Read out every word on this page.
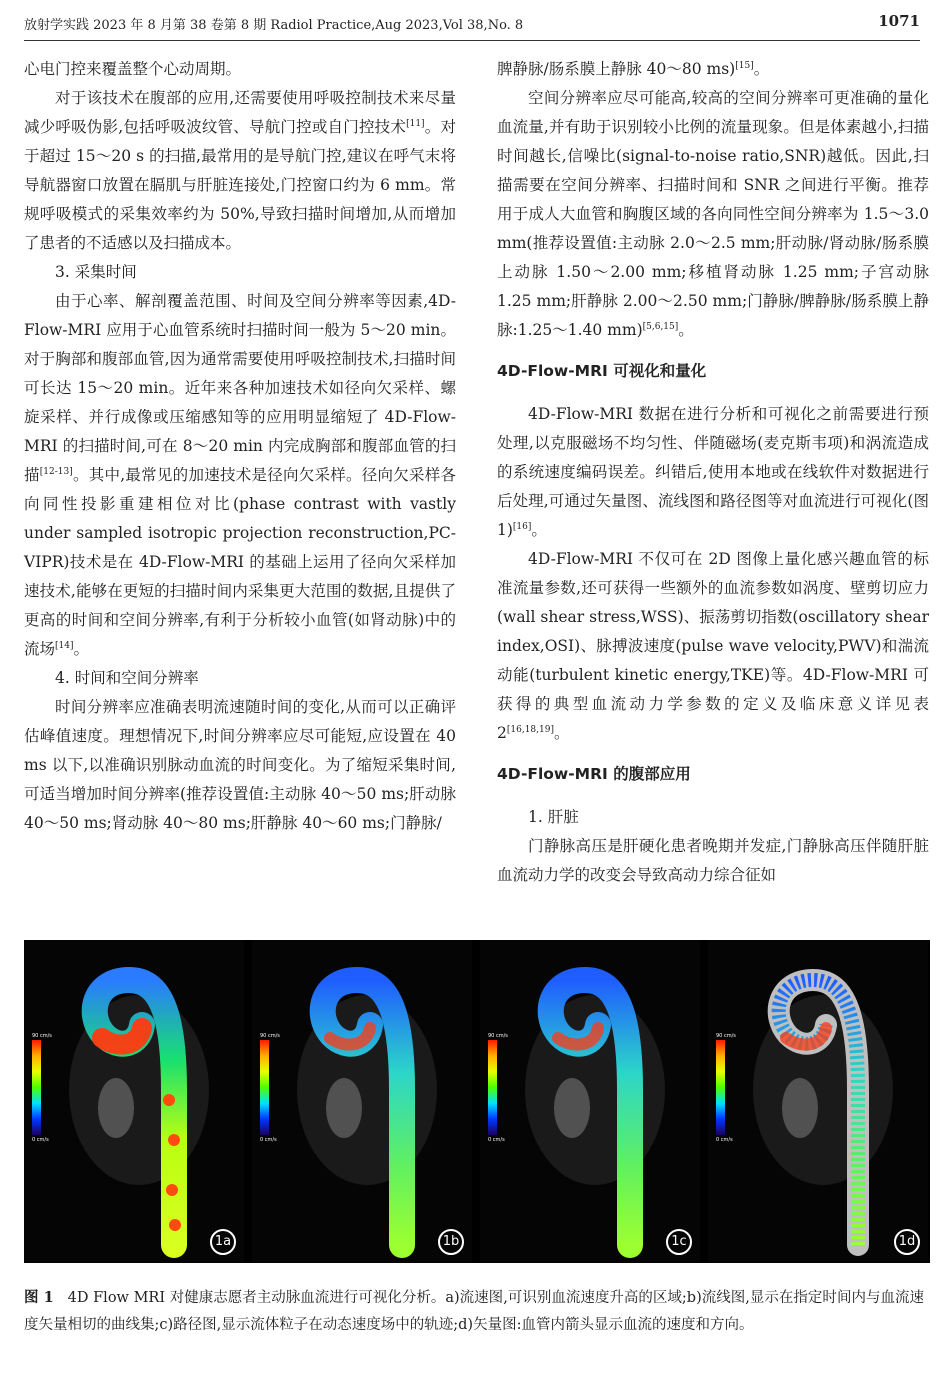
放射学实践 2023 年 8 月第 38 卷第 8 期 Radiol Practice,Aug 2023,Vol 38,No. 8	1071

心电门控来覆盖整个心动周期。

对于该技术在腹部的应用,还需要使用呼吸控制技术来尽量减少呼吸伪影,包括呼吸波纹管、导航门控或自门控技术[11]。对于超过 15～20 s 的扫描,最常用的是导航门控,建议在呼气末将导航器窗口放置在膈肌与肝脏连接处,门控窗口约为 6 mm。常规呼吸模式的采集效率约为 50%,导致扫描时间增加,从而增加了患者的不适感以及扫描成本。

3. 采集时间

由于心率、解剖覆盖范围、时间及空间分辨率等因素,4D-Flow-MRI 应用于心血管系统时扫描时间一般为 5～20 min。对于胸部和腹部血管,因为通常需要使用呼吸控制技术,扫描时间可长达 15～20 min。近年来各种加速技术如径向欠采样、螺旋采样、并行成像或压缩感知等的应用明显缩短了 4D-Flow-MRI 的扫描时间,可在 8～20 min 内完成胸部和腹部血管的扫描[12-13]。其中,最常见的加速技术是径向欠采样。径向欠采样各向同性投影重建相位对比(phase contrast with vastly under sampled isotropic projection reconstruction,PC-VIPR)技术是在 4D-Flow-MRI 的基础上运用了径向欠采样加速技术,能够在更短的扫描时间内采集更大范围的数据,且提供了更高的时间和空间分辨率,有利于分析较小血管(如肾动脉)中的流场[14]。

4. 时间和空间分辨率

时间分辨率应准确表明流速随时间的变化,从而可以正确评估峰值速度。理想情况下,时间分辨率应尽可能短,应设置在 40 ms 以下,以准确识别脉动血流的时间变化。为了缩短采集时间,可适当增加时间分辨率(推荐设置值:主动脉 40～50 ms;肝动脉 40～50 ms;肾动脉 40～80 ms;肝静脉 40～60 ms;门静脉/

脾静脉/肠系膜上静脉 40～80 ms)[15]。

空间分辨率应尽可能高,较高的空间分辨率可更准确的量化血流量,并有助于识别较小比例的流量现象。但是体素越小,扫描时间越长,信噪比(signal-to-noise ratio,SNR)越低。因此,扫描需要在空间分辨率、扫描时间和 SNR 之间进行平衡。推荐用于成人大血管和胸腹区域的各向同性空间分辨率为 1.5～3.0 mm(推荐设置值:主动脉 2.0～2.5 mm;肝动脉/肾动脉/肠系膜上动脉 1.50～2.00 mm;移植肾动脉 1.25 mm;子宫动脉 1.25 mm;肝静脉 2.00～2.50 mm;门静脉/脾静脉/肠系膜上静脉:1.25～1.40 mm)[5,6,15]。

4D-Flow-MRI 可视化和量化

4D-Flow-MRI 数据在进行分析和可视化之前需要进行预处理,以克服磁场不均匀性、伴随磁场(麦克斯韦项)和涡流造成的系统速度编码误差。纠错后,使用本地或在线软件对数据进行后处理,可通过矢量图、流线图和路径图等对血流进行可视化(图 1)[16]。

4D-Flow-MRI 不仅可在 2D 图像上量化感兴趣血管的标准流量参数,还可获得一些额外的血流参数如涡度、壁剪切应力(wall shear stress,WSS)、振荡剪切指数(oscillatory shear index,OSI)、脉搏波速度(pulse wave velocity,PWV)和湍流动能(turbulent kinetic energy,TKE)等。4D-Flow-MRI 可获得的典型血流动力学参数的定义及临床意义详见表 2[16,18,19]。

4D-Flow-MRI 的腹部应用

1. 肝脏

门静脉高压是肝硬化患者晚期并发症,门静脉高压伴随肝脏血流动力学的改变会导致高动力综合征如

90 cm/s
0 cm/s
1a
90 cm/s
0 cm/s
1b
90 cm/s
0 cm/s
1c
90 cm/s
0 cm/s
1d
图 1 4D Flow MRI 对健康志愿者主动脉血流进行可视化分析。a)流速图,可识别血流速度升高的区域;b)流线图,显示在指定时间内与血流速度矢量相切的曲线集;c)路径图,显示流体粒子在动态速度场中的轨迹;d)矢量图:血管内箭头显示血流的速度和方向。
